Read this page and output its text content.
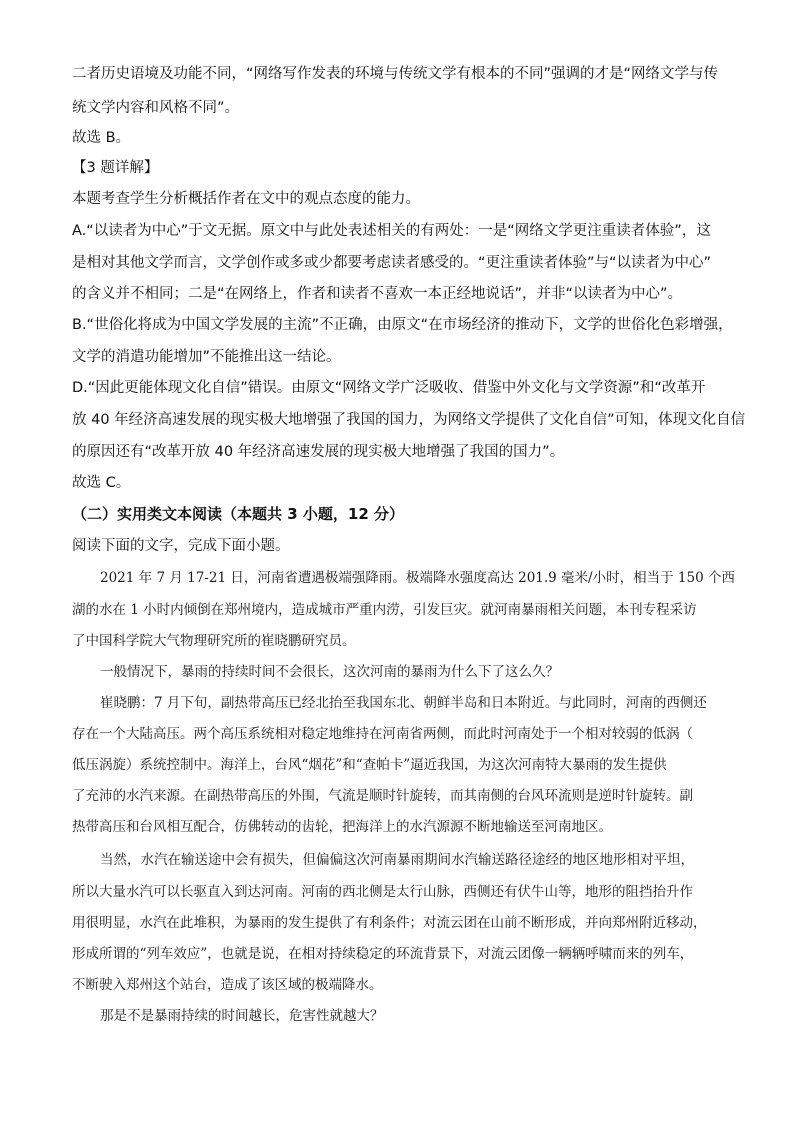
二者历史语境及功能不同，“网络写作发表的环境与传统文学有根本的不同”强调的才是“网络文学与传
统文学内容和风格不同”。
故选 B。
【3 题详解】
本题考查学生分析概括作者在文中的观点态度的能力。
A.“以读者为中心”于文无据。原文中与此处表述相关的有两处：一是“网络文学更注重读者体验”，这
是相对其他文学而言，文学创作或多或少都要考虑读者感受的。“更注重读者体验”与“以读者为中心”
的含义并不相同；二是“在网络上，作者和读者不喜欢一本正经地说话”，并非“以读者为中心”。
B.“世俗化将成为中国文学发展的主流”不正确，由原文“在市场经济的推动下，文学的世俗化色彩增强，
文学的消遣功能增加”不能推出这一结论。
D.“因此更能体现文化自信”错误。由原文“网络文学广泛吸收、借鉴中外文化与文学资源”和“改革开
放 40 年经济高速发展的现实极大地增强了我国的国力，为网络文学提供了文化自信”可知，体现文化自信
的原因还有“改革开放 40 年经济高速发展的现实极大地增强了我国的国力”。
故选 C。
（二）实用类文本阅读（本题共 3 小题，12 分）
阅读下面的文字，完成下面小题。
2021 年 7 月 17-21 日，河南省遭遇极端强降雨。极端降水强度高达 201.9 毫米/小时，相当于 150 个西
湖的水在 1 小时内倾倒在郑州境内，造成城市严重内涝，引发巨灾。就河南暴雨相关问题，本刊专程采访
了中国科学院大气物理研究所的崔晓鹏研究员。
一般情况下，暴雨的持续时间不会很长，这次河南的暴雨为什么下了这么久？
崔晓鹏：7 月下旬，副热带高压已经北抬至我国东北、朝鲜半岛和日本附近。与此同时，河南的西侧还
存在一个大陆高压。两个高压系统相对稳定地维持在河南省两侧，而此时河南处于一个相对较弱的低涡（
低压涡旋）系统控制中。海洋上，台风“烟花”和“查帕卡”逼近我国，为这次河南特大暴雨的发生提供
了充沛的水汽来源。在副热带高压的外围，气流是顺时针旋转，而其南侧的台风环流则是逆时针旋转。副
热带高压和台风相互配合，仿佛转动的齿轮，把海洋上的水汽源源不断地输送至河南地区。
当然，水汽在输送途中会有损失，但偏偏这次河南暴雨期间水汽输送路径途经的地区地形相对平坦，
所以大量水汽可以长驱直入到达河南。河南的西北侧是太行山脉，西侧还有伏牛山等，地形的阻挡抬升作
用很明显，水汽在此堆积，为暴雨的发生提供了有利条件；对流云团在山前不断形成，并向郑州附近移动，
形成所谓的“列车效应”，也就是说，在相对持续稳定的环流背景下，对流云团像一辆辆呼啸而来的列车，
不断驶入郑州这个站台，造成了该区域的极端降水。
那是不是暴雨持续的时间越长，危害性就越大？
